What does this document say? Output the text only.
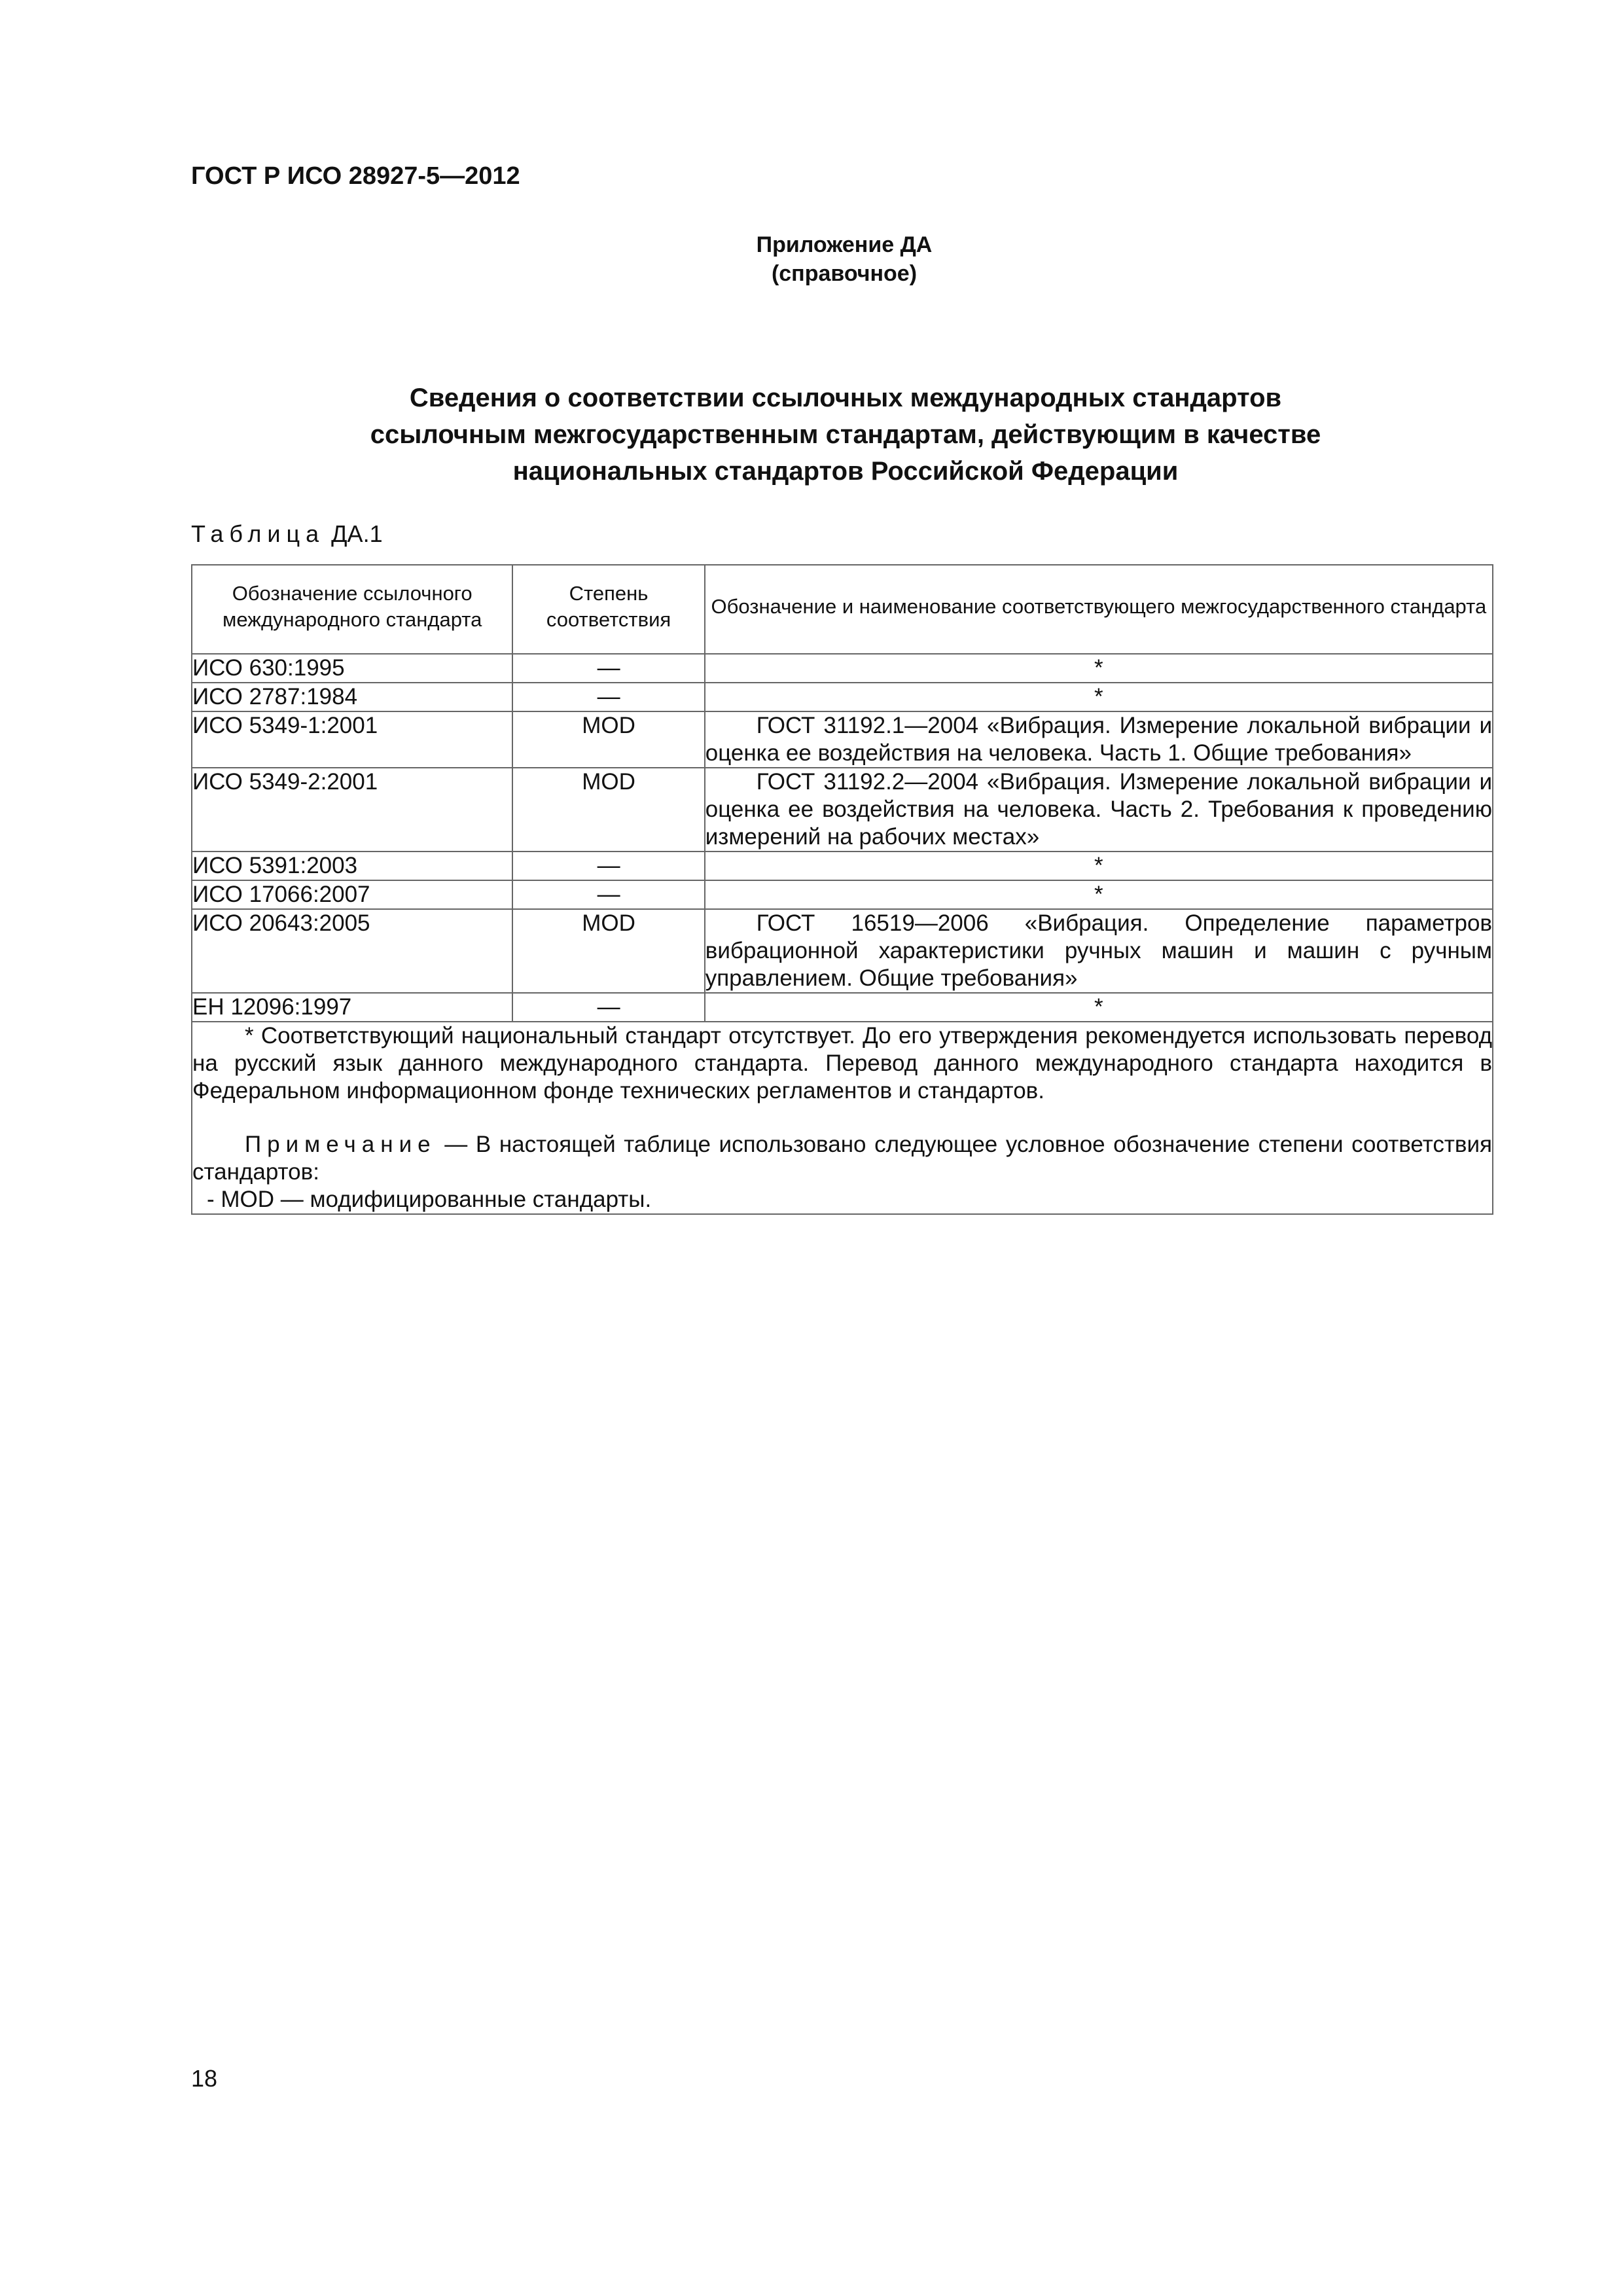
ГОСТ Р ИСО 28927-5—2012
Приложение ДА
(справочное)
Сведения о соответствии ссылочных международных стандартов
ссылочным межгосударственным стандартам, действующим в качестве
национальных стандартов Российской Федерации
Таблица ДА.1
Обозначение ссылочного международного стандарта	Степень соответствия	Обозначение и наименование соответствующего межгосударственного стандарта

ИСО 630:1995	—	*
ИСО 2787:1984	—	*
ИСО 5349-1:2001	MOD	ГОСТ 31192.1—2004 «Вибрация. Измерение локальной вибрации и оценка ее воздействия на человека. Часть 1. Общие требования»
ИСО 5349-2:2001	MOD	ГОСТ 31192.2—2004 «Вибрация. Измерение локальной вибрации и оценка ее воздействия на человека. Часть 2. Требования к проведению измерений на рабочих местах»
ИСО 5391:2003	—	*
ИСО 17066:2007	—	*
ИСО 20643:2005	MOD	ГОСТ 16519—2006 «Вибрация. Определение параметров вибрационной характеристики ручных машин и машин с ручным управлением. Общие требования»
ЕН 12096:1997	—	*

* Соответствующий национальный стандарт отсутствует. До его утверждения рекомендуется использовать перевод на русский язык данного международного стандарта. Перевод данного международного стандарта находится в Федеральном информационном фонде технических регламентов и стандартов.

Примечание — В настоящей таблице использовано следующее условное обозначение степени соответствия стандартов:

- MOD — модифицированные стандарты.		

18
